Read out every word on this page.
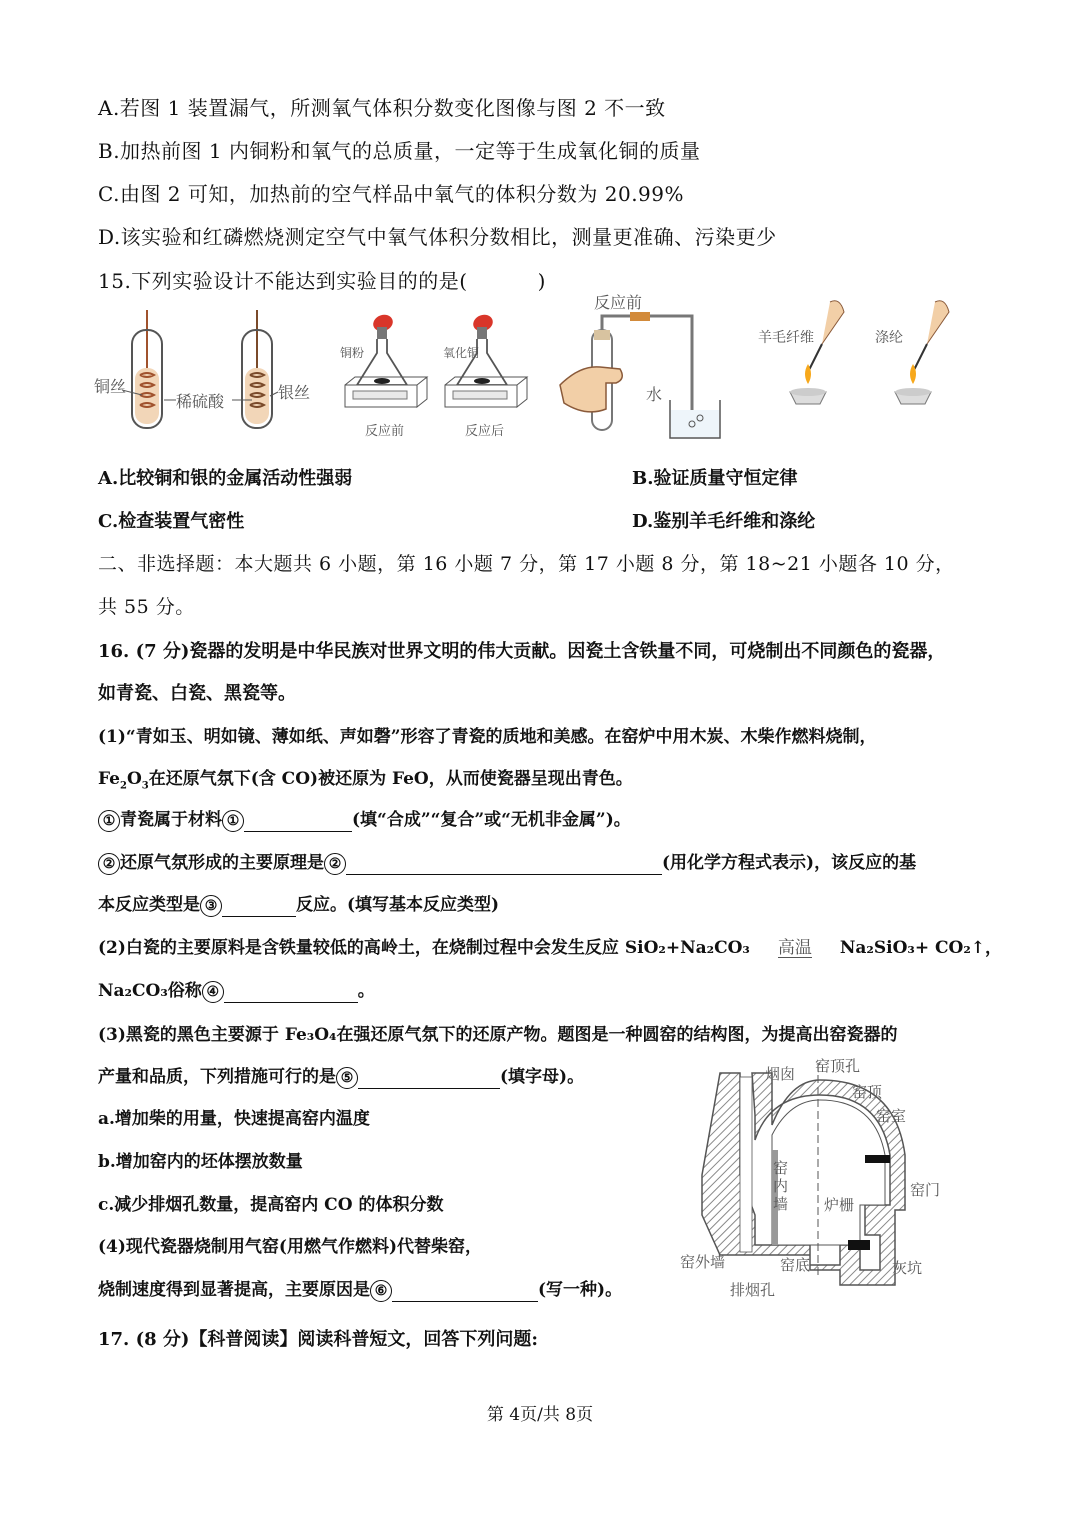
A.若图 1 装置漏气，所测氧气体积分数变化图像与图 2 不一致
B.加热前图 1 内铜粉和氧气的总质量，一定等于生成氧化铜的质量
C.由图 2 可知，加热前的空气样品中氧气的体积分数为 20.99%
D.该实验和红磷燃烧测定空气中氧气体积分数相比，测量更准确、污染更少
15.下列实验设计不能达到实验目的的是(	)
铜丝
稀硫酸	银丝
铜粉
反应前
氧化铜
反应后
反应前
水
羊毛纤维	涤纶
A.比较铜和银的金属活动性强弱	B.验证质量守恒定律
C.检查装置气密性	D.鉴别羊毛纤维和涤纶
二、非选择题：本大题共 6 小题，第 16 小题 7 分，第 17 小题 8 分，第 18~21 小题各 10 分，
共 55 分。
16. (7 分)瓷器的发明是中华民族对世界文明的伟大贡献。因瓷土含铁量不同，可烧制出不同颜色的瓷器，
如青瓷、白瓷、黑瓷等。
(1)“青如玉、明如镜、薄如纸、声如磬”形容了青瓷的质地和美感。在窑炉中用木炭、木柴作燃料烧制，
$Fe_2O_3$在还原气氛下(含 CO)被还原为 FeO，从而使瓷器呈现出青色。
① 青瓷属于材料 ①	(填“合成”“复合”或“无机非金属”)。
② 还原气氛形成的主要原理是 ②	(用化学方程式表示)，该反应的基
本反应类型是 ③	反应。(填写基本反应类型)
(2)白瓷的主要原料是含铁量较低的高岭土，在烧制过程中会发生反应 SiO₂+Na₂CO₃ 高温 Na₂SiO₃+ CO₂↑，
Na₂CO₃俗称 ④	。
(3)黑瓷的黑色主要源于 Fe₃O₄在强还原气氛下的还原产物。题图是一种圆窑的结构图，为提高出窑瓷器的
产量和品质，下列措施可行的是 ⑤	(填字母)。
a.增加柴的用量，快速提高窑内温度
b.增加窑内的坯体摆放数量
c.减少排烟孔数量，提高窑内 CO 的体积分数
(4)现代瓷器烧制用气窑(用燃气作燃料)代替柴窑，
烧制速度得到显著提高，主要原因是 ⑥	(写一种)。
烟囱 窑顶孔
窑顶
窑室
窑
内
墙 炉栅
窑门
窑外墙	窑底	灰坑
排烟孔
17. (8 分)【科普阅读】阅读科普短文，回答下列问题:
第 4页/共 8页
